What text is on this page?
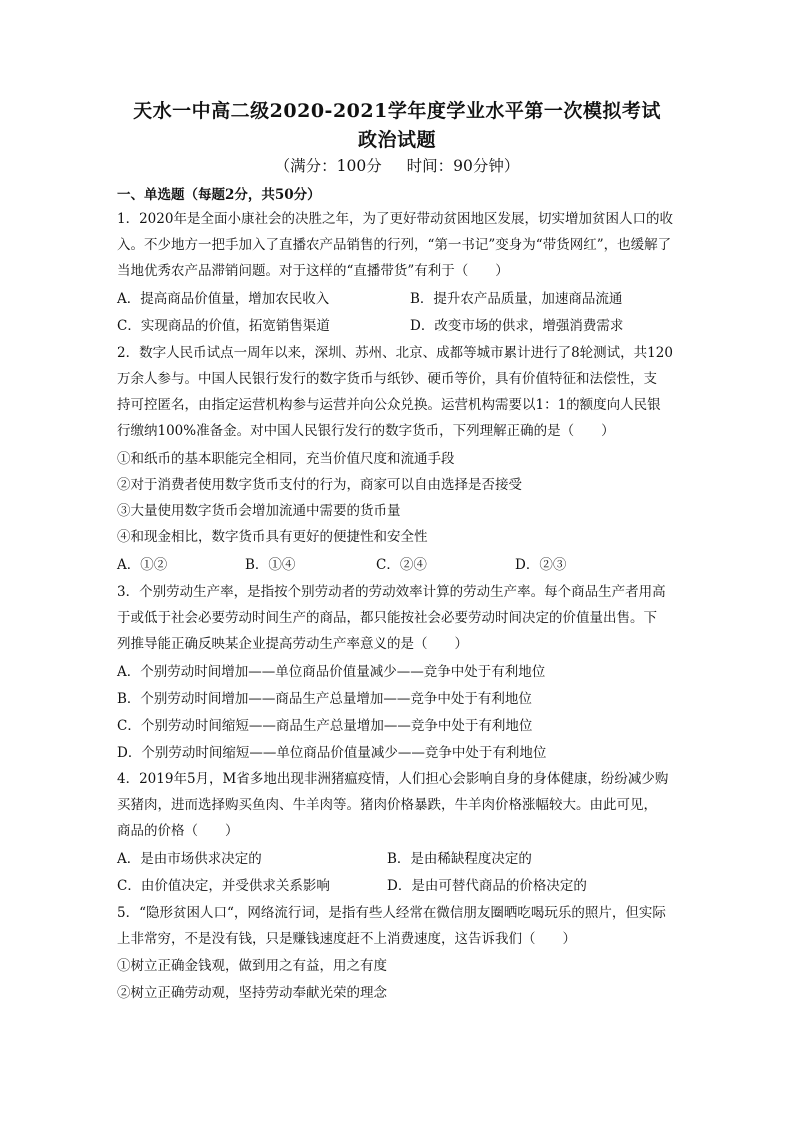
天水一中高二级2020-2021学年度学业水平第一次模拟考试
政治试题
（满分：100分 时间：90分钟）
一、单选题（每题2分，共50分）
1．2020年是全面小康社会的决胜之年，为了更好带动贫困地区发展，切实增加贫困人口的收
入。不少地方一把手加入了直播农产品销售的行列，“第一书记”变身为“带货网红”，也缓解了
当地优秀农产品滞销问题。对于这样的“直播带货”有利于（　　）
A．提高商品价值量，增加农民收入	B．提升农产品质量，加速商品流通
C．实现商品的价值，拓宽销售渠道	D．改变市场的供求，增强消费需求
2．数字人民币试点一周年以来，深圳、苏州、北京、成都等城市累计进行了8轮测试，共120
万余人参与。中国人民银行发行的数字货币与纸钞、硬币等价，具有价值特征和法偿性，支
持可控匿名，由指定运营机构参与运营并向公众兑换。运营机构需要以1：1的额度向人民银
行缴纳100%准备金。对中国人民银行发行的数字货币，下列理解正确的是（　　）
①和纸币的基本职能完全相同，充当价值尺度和流通手段
②对于消费者使用数字货币支付的行为，商家可以自由选择是否接受
③大量使用数字货币会增加流通中需要的货币量
④和现金相比，数字货币具有更好的便捷性和安全性
A．①②	B．①④	C．②④	D．②③
3．个别劳动生产率，是指按个别劳动者的劳动效率计算的劳动生产率。每个商品生产者用高
于或低于社会必要劳动时间生产的商品，都只能按社会必要劳动时间决定的价值量出售。下
列推导能正确反映某企业提高劳动生产率意义的是（　　）
A．个别劳动时间增加——单位商品价值量减少——竞争中处于有利地位
B．个别劳动时间增加——商品生产总量增加——竞争中处于有利地位
C．个别劳动时间缩短——商品生产总量增加——竞争中处于有利地位
D．个别劳动时间缩短——单位商品价值量减少——竞争中处于有利地位
4．2019年5月，M省多地出现非洲猪瘟疫情，人们担心会影响自身的身体健康，纷纷减少购
买猪肉，进而选择购买鱼肉、牛羊肉等。猪肉价格暴跌，牛羊肉价格涨幅较大。由此可见，
商品的价格（　　）
A．是由市场供求决定的	B．是由稀缺程度决定的
C．由价值决定，并受供求关系影响	D．是由可替代商品的价格决定的
5．“隐形贫困人口“，网络流行词，是指有些人经常在微信朋友圈晒吃喝玩乐的照片，但实际
上非常穷，不是没有钱，只是赚钱速度赶不上消费速度，这告诉我们（　　）
①树立正确金钱观，做到用之有益，用之有度
②树立正确劳动观，坚持劳动奉献光荣的理念
